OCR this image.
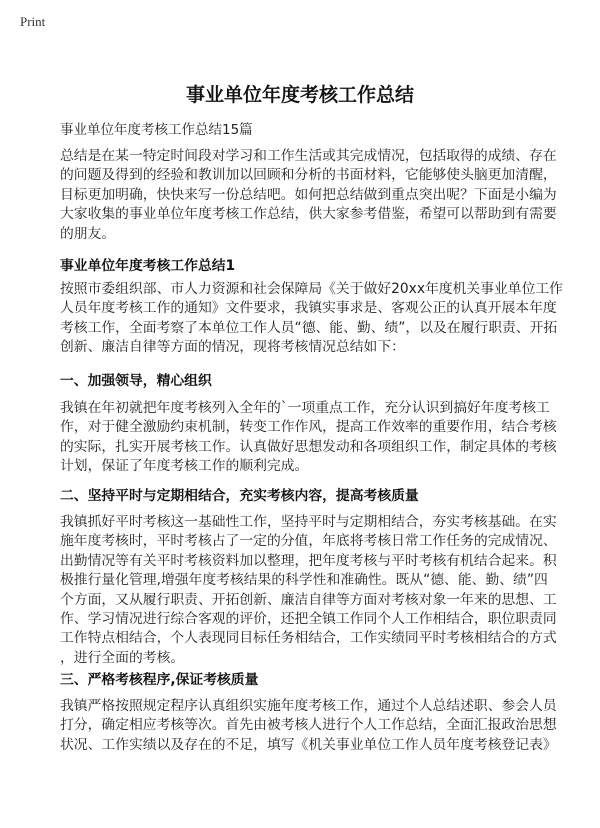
Print
事业单位年度考核工作总结
事业单位年度考核工作总结15篇
总结是在某一特定时间段对学习和工作生活或其完成情况，包括取得的成绩、存在
的问题及得到的经验和教训加以回顾和分析的书面材料，它能够使头脑更加清醒，
目标更加明确，快快来写一份总结吧。如何把总结做到重点突出呢？下面是小编为
大家收集的事业单位年度考核工作总结，供大家参考借鉴，希望可以帮助到有需要
的朋友。
事业单位年度考核工作总结1
按照市委组织部、市人力资源和社会保障局《关于做好20xx年度机关事业单位工作
人员年度考核工作的通知》文件要求，我镇实事求是、客观公正的认真开展本年度
考核工作，全面考察了本单位工作人员“德、能、勤、绩”，以及在履行职责、开拓
创新、廉洁自律等方面的情况，现将考核情况总结如下：
一、加强领导，精心组织
我镇在年初就把年度考核列入全年的`一项重点工作，充分认识到搞好年度考核工
作，对于健全激励约束机制，转变工作作风，提高工作效率的重要作用，结合考核
的实际，扎实开展考核工作。认真做好思想发动和各项组织工作，制定具体的考核
计划，保证了年度考核工作的顺利完成。
二、坚持平时与定期相结合，充实考核内容，提高考核质量
我镇抓好平时考核这一基础性工作，坚持平时与定期相结合，夯实考核基础。在实
施年度考核时，平时考核占了一定的分值，年底将考核日常工作任务的完成情况、
出勤情况等有关平时考核资料加以整理，把年度考核与平时考核有机结合起来。积
极推行量化管理,增强年度考核结果的科学性和准确性。既从“德、能、勤、绩”四
个方面，又从履行职责、开拓创新、廉洁自律等方面对考核对象一年来的思想、工
作、学习情况进行综合客观的评价，还把全镇工作同个人工作相结合，职位职责同
工作特点相结合，个人表现同目标任务相结合，工作实绩同平时考核相结合的方式
，进行全面的考核。
三、严格考核程序,保证考核质量
我镇严格按照规定程序认真组织实施年度考核工作，通过个人总结述职、参会人员
打分，确定相应考核等次。首先由被考核人进行个人工作总结，全面汇报政治思想
状况、工作实绩以及存在的不足，填写《机关事业单位工作人员年度考核登记表》
